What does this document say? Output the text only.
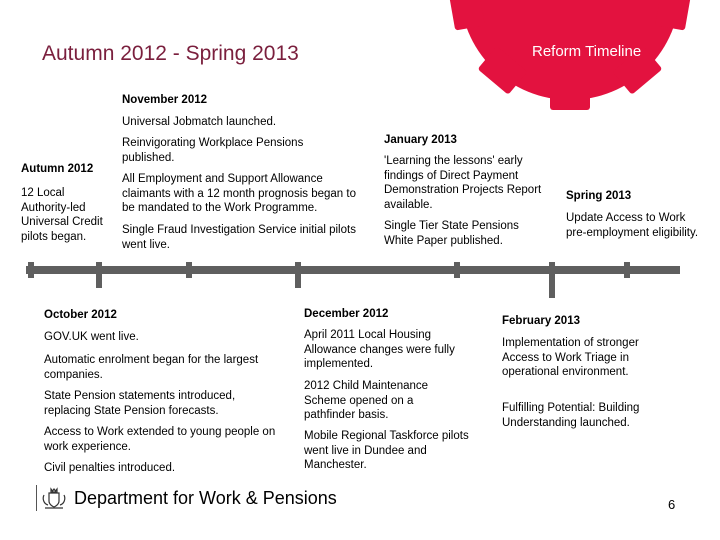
Autumn 2012 - Spring 2013	Reform Timeline
November 2012
Universal Jobmatch launched.
Reinvigorating Workplace Pensions published.
All Employment and Support Allowance claimants with a 12 month prognosis began to be mandated to the Work Programme.
Single Fraud Investigation Service initial pilots went live.
Autumn 2012
12 Local Authority-led Universal Credit pilots began.
January 2013
'Learning the lessons' early findings of Direct Payment Demonstration Projects Report available.
Single Tier State Pensions White Paper published.
Spring 2013
Update Access to Work pre-employment eligibility.
October 2012
GOV.UK went live.
Automatic enrolment began for the largest companies.
State Pension statements introduced, replacing State Pension forecasts.
Access to Work extended to young people on work experience.
Civil penalties introduced.
December 2012
April 2011 Local Housing Allowance changes were fully implemented.
2012 Child Maintenance Scheme opened on a pathfinder basis.
Mobile Regional Taskforce pilots went live in Dundee and Manchester.
February 2013
Implementation of stronger Access to Work Triage in operational environment.
Fulfilling Potential: Building Understanding launched.
Department for Work & Pensions	6
